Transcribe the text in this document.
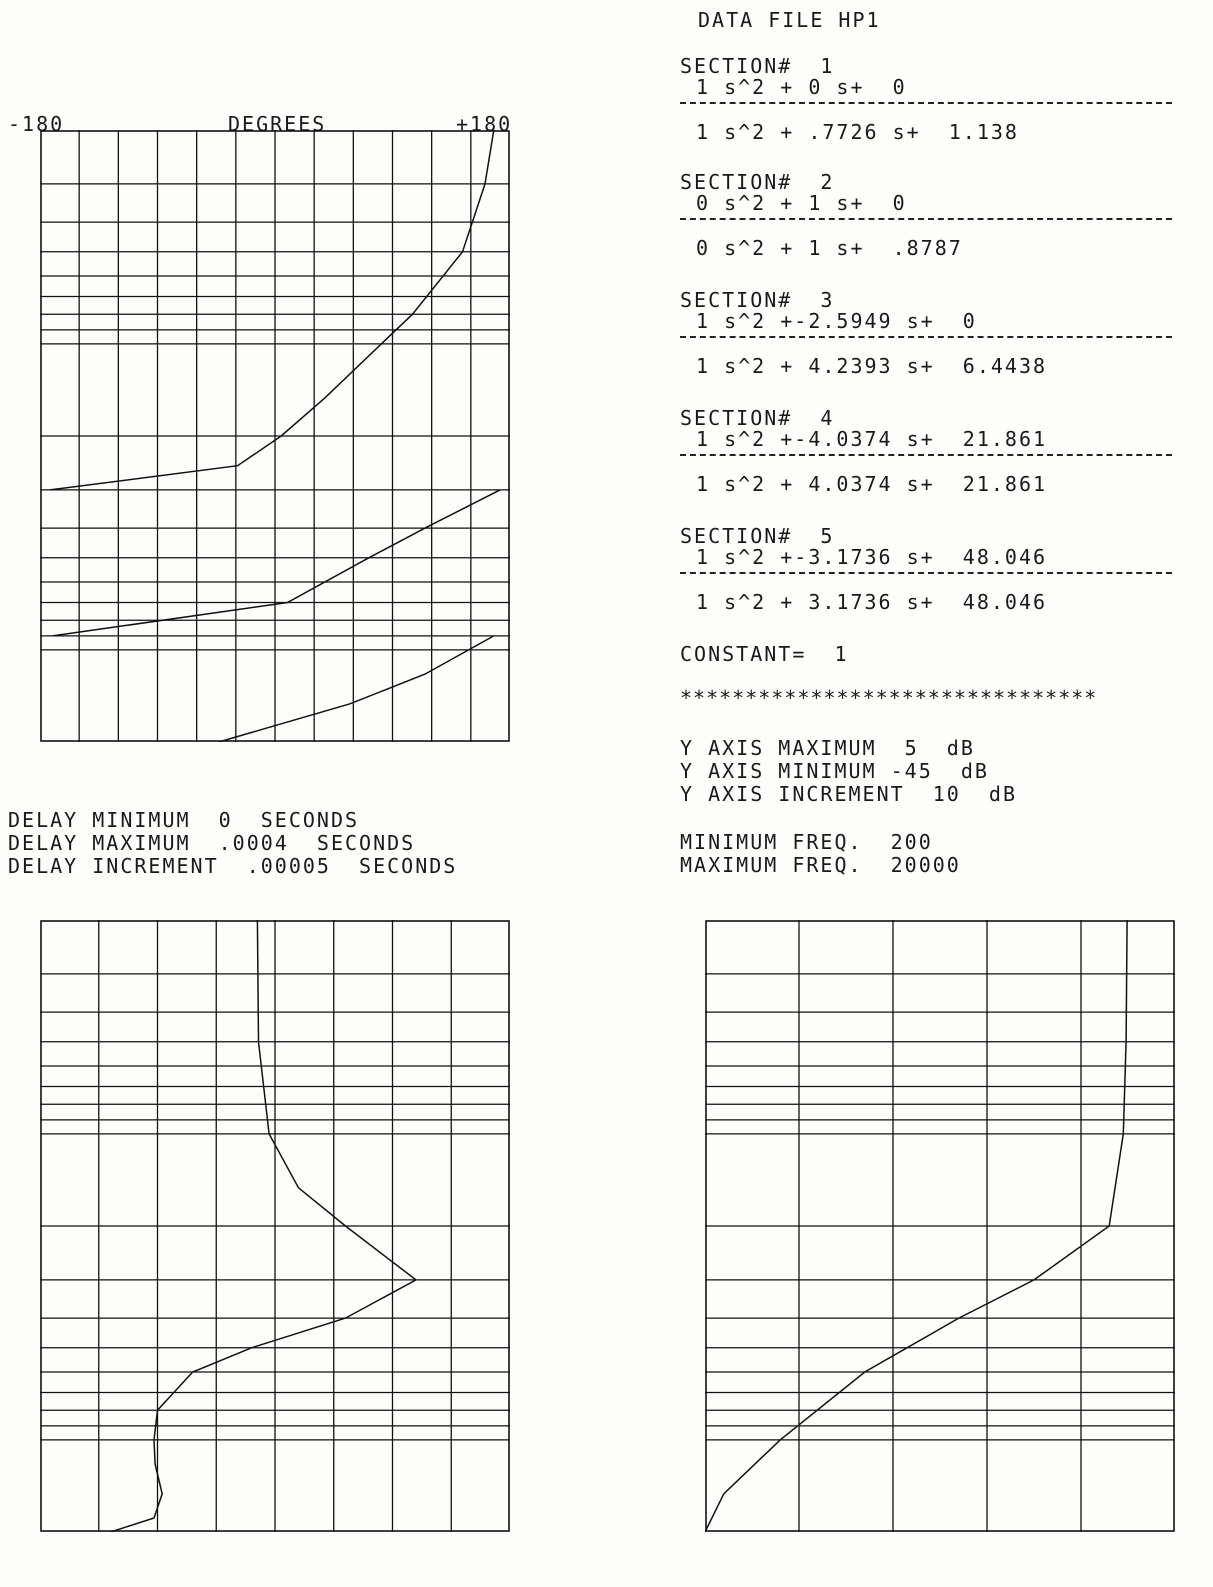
DATA FILE HP1
SECTION#  1
1 s^2 + 0 s+  0
1 s^2 + .7726 s+  1.138
SECTION#  2
0 s^2 + 1 s+  0
0 s^2 + 1 s+  .8787
SECTION#  3
1 s^2 +-2.5949 s+  0
1 s^2 + 4.2393 s+  6.4438
SECTION#  4
1 s^2 +-4.0374 s+  21.861
1 s^2 + 4.0374 s+  21.861
SECTION#  5
1 s^2 +-3.1736 s+  48.046
1 s^2 + 3.1736 s+  48.046
CONSTANT=  1
********************************
Y AXIS MAXIMUM  5  dB
Y AXIS MINIMUM -45  dB
Y AXIS INCREMENT  10  dB
MINIMUM FREQ.  200
MAXIMUM FREQ.  20000
DELAY MINIMUM  0  SECONDS
DELAY MAXIMUM  .0004  SECONDS
DELAY INCREMENT  .00005  SECONDS
-180	DEGREES	+180
